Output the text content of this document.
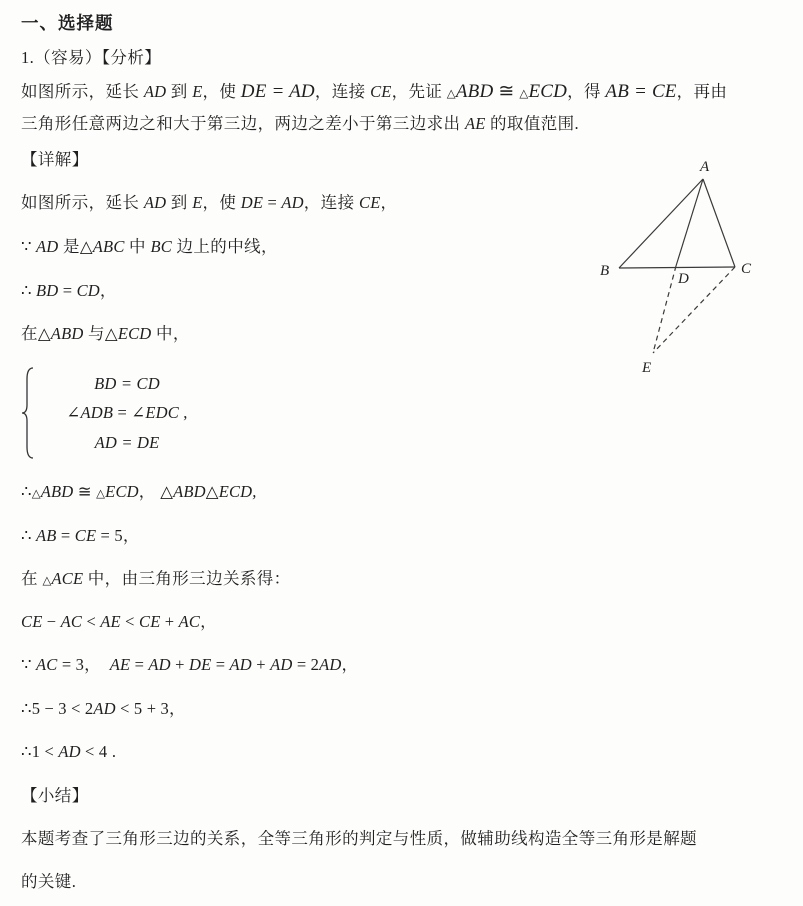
一、选择题
1.（容易）【分析】
如图所示，延长 AD 到 E，使 DE = AD，连接 CE，先证 △ABD ≅ △ECD，得 AB = CE，再由
三角形任意两边之和大于第三边，两边之差小于第三边求出 AE 的取值范围.
【详解】
如图所示，延长 AD 到 E，使 DE = AD，连接 CE，
∵ AD 是△ABC 中 BC 边上的中线，
∴ BD = CD，
在△ABD 与△ECD 中，
BD = CD
∠ADB = ∠EDC ,
AD = DE
∴△ABD ≅ △ECD， △ABD△ECD,
∴ AB = CE = 5，
在 △ACE 中，由三角形三边关系得：
CE − AC < AE < CE + AC，
∵ AC = 3，　AE = AD + DE = AD + AD = 2AD，
∴5 − 3 < 2AD < 5 + 3，
∴1 < AD < 4 .
【小结】
本题考查了三角形三边的关系，全等三角形的判定与性质，做辅助线构造全等三角形是解题
的关键.
A
B	C
D
E
